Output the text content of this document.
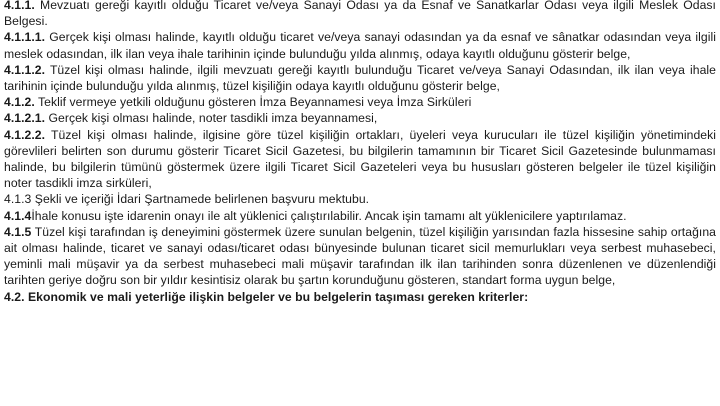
4.1.1. Mevzuatı gereği kayıtlı olduğu Ticaret ve/veya Sanayi Odası ya da Esnaf ve Sanatkarlar Odası veya ilgili Meslek Odası Belgesi.

4.1.1.1. Gerçek kişi olması halinde, kayıtlı olduğu ticaret ve/veya sanayi odasından ya da esnaf ve sânatkar odasından veya ilgili meslek odasından, ilk ilan veya ihale tarihinin içinde bulunduğu yılda alınmış, odaya kayıtlı olduğunu gösterir belge,

4.1.1.2. Tüzel kişi olması halinde, ilgili mevzuatı gereği kayıtlı bulunduğu Ticaret ve/veya Sanayi Odasından, ilk ilan veya ihale tarihinin içinde bulunduğu yılda alınmış, tüzel kişiliğin odaya kayıtlı olduğunu gösterir belge,

4.1.2. Teklif vermeye yetkili olduğunu gösteren İmza Beyannamesi veya İmza Sirküleri

4.1.2.1. Gerçek kişi olması halinde, noter tasdikli imza beyannamesi,

4.1.2.2. Tüzel kişi olması halinde, ilgisine göre tüzel kişiliğin ortakları, üyeleri veya kurucuları ile tüzel kişiliğin yönetimindeki görevlileri belirten son durumu gösterir Ticaret Sicil Gazetesi, bu bilgilerin tamamının bir Ticaret Sicil Gazetesinde bulunmaması halinde, bu bilgilerin tümünü göstermek üzere ilgili Ticaret Sicil Gazeteleri veya bu hususları gösteren belgeler ile tüzel kişiliğin noter tasdikli imza sirküleri,

4.1.3 Şekli ve içeriği İdari Şartnamede belirlenen başvuru mektubu.

4.1.4İhale konusu işte idarenin onayı ile alt yüklenici çalıştırılabilir. Ancak işin tamamı alt yüklenicilere yaptırılamaz.

4.1.5 Tüzel kişi tarafından iş deneyimini göstermek üzere sunulan belgenin, tüzel kişiliğin yarısından fazla hissesine sahip ortağına ait olması halinde, ticaret ve sanayi odası/ticaret odası bünyesinde bulunan ticaret sicil memurlukları veya serbest muhasebeci, yeminli mali müşavir ya da serbest muhasebeci mali müşavir tarafından ilk ilan tarihinden sonra düzenlenen ve düzenlendiği tarihten geriye doğru son bir yıldır kesintisiz olarak bu şartın korunduğunu gösteren, standart forma uygun belge,

4.2. Ekonomik ve mali yeterliğe ilişkin belgeler ve bu belgelerin taşıması gereken kriterler:
